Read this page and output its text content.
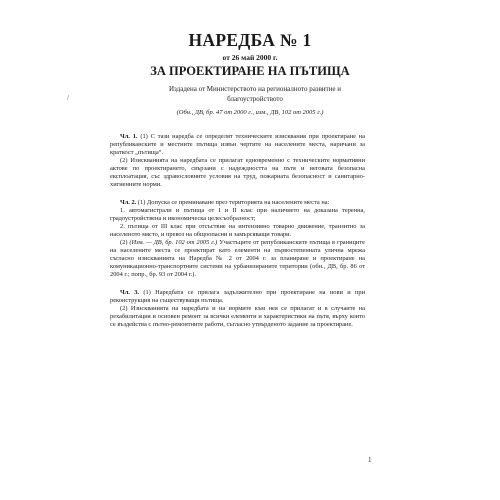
НАРЕДБА № 1
от 26 май 2000 г.
ЗА ПРОЕКТИРАНЕ НА ПЪТИЩА
Издадена от Министерството на регионалното развитие и благоустройството
(Обн., ДВ, бр. 47 от 2000 г., изм., ДВ, 102 от 2005 г.)
/

Чл. 1. (1) С тази наредба се определят техническите изисквания при проектиране на републиканските и местните пътища извън чертите на населените места, наричани за краткост „пътища“.

(2) Изискванията на наредбата се прилагат едновременно с техническите нормативни актове по проектирането, свързани с надеждността на пътя и неговата безопасна експлоатация, със здравословните условия на труд, пожарната безопасност и санитарно-хигиенните норми.

Чл. 2. (1) Допуска се преминаване през територията на населените места на:

1. автомагистрали и пътища от I и II клас при наличието на доказана теренна, градоустройствена и икономическа целесъобразност;

2. пътища от III клас при отсъствие на интензивно товарно движение, транзитно за населеното място, и превоз на общоопасни и замърсяващи товари.

(2) (Изм. — ДВ, бр. 102 от 2005 г.) Участъците от републиканските пътища в границите на населените места се проектират като елементи на първостепенната улична мрежа съгласно изискванията на Наредба № 2 от 2004 г. за планиране и проектиране на комуникационно-транспортните системи на урбанизираните територии (обн., ДВ, бр. 86 от 2004 г.; попр., бр. 93 от 2004 г.).

Чл. 3. (1) Наредбата се прилага задължително при проектиране на нови и при реконструкция на съществуващи пътища.

(2) Изискванията на наредбата и на нормите към нея се прилагат и в случаите на рехабилитация и основен ремонт за всички елементи и характеристики на пътя, върху които се въздейства с пътно-ремонтните работи, съгласно утвърденото задание за проектиране.

1
